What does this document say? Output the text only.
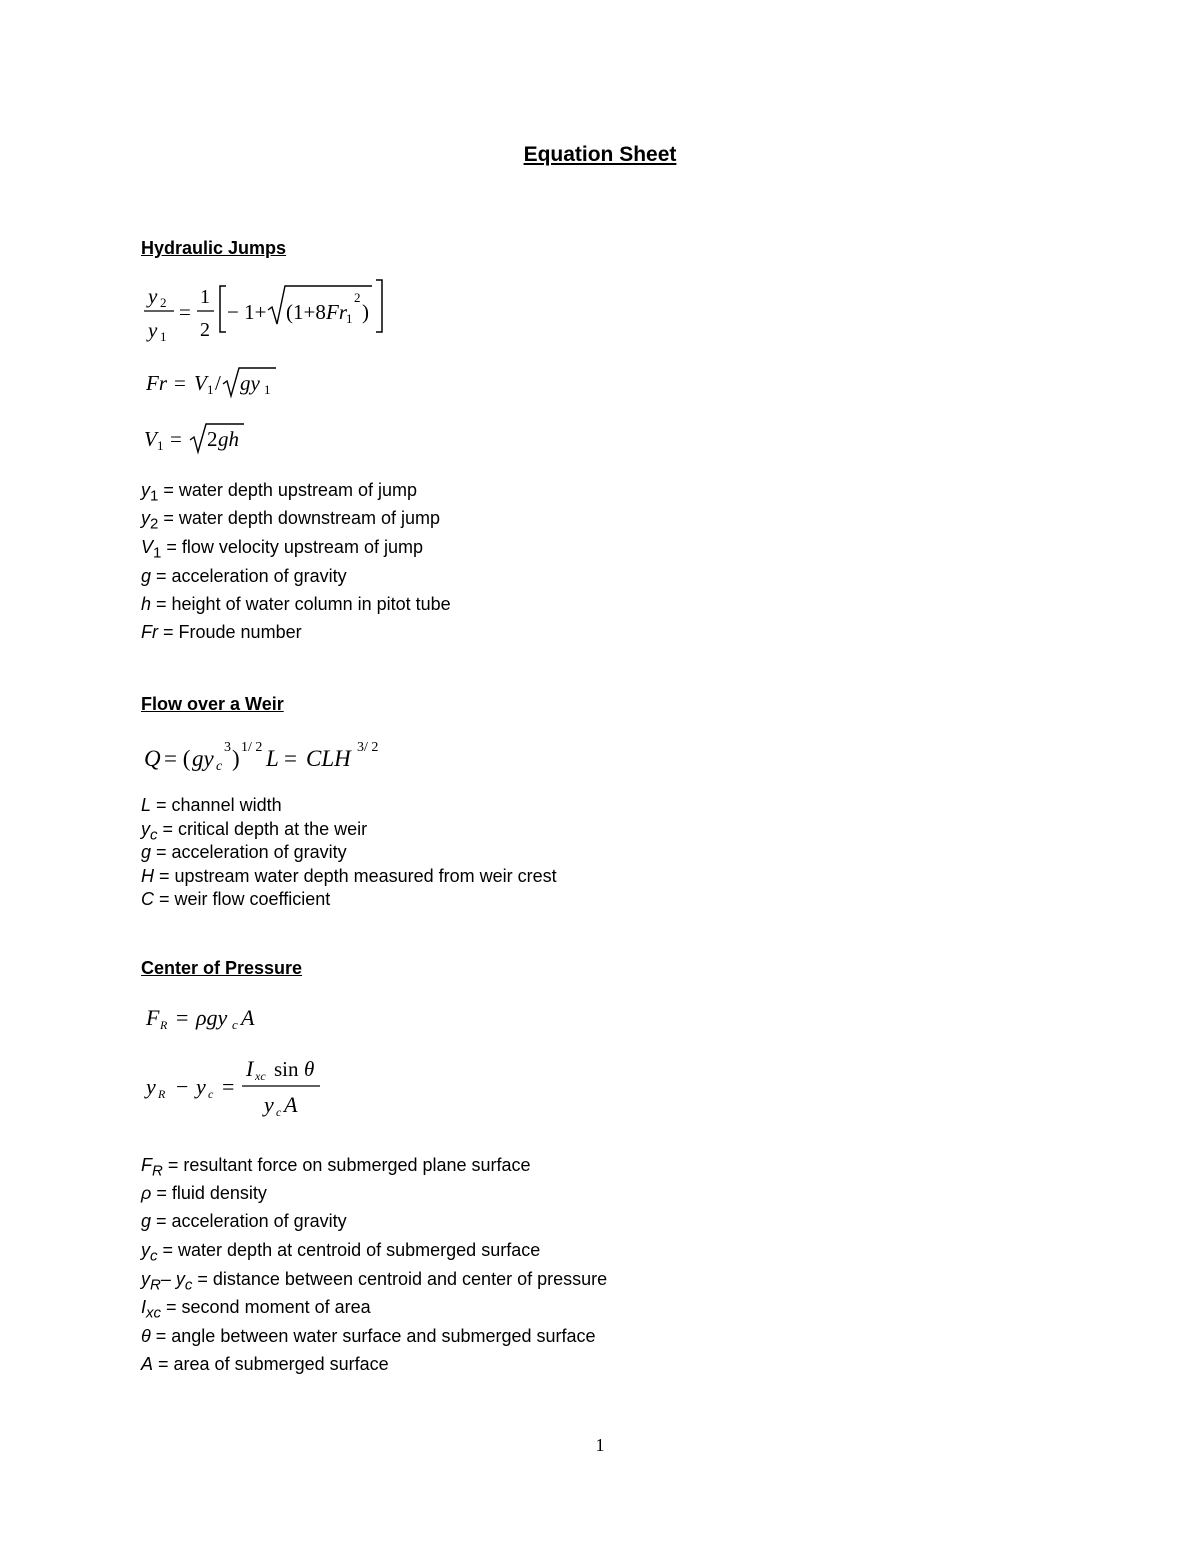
Equation Sheet
Hydraulic Jumps
y 2
y 1
=
1
2
− 1+ (1+8 Fr 1
2
)
Fr = V 1 / gy 1
V 1 = 2 gh
$y_1$ = water depth upstream of jump
$y_2$ = water depth downstream of jump
$V_1$ = flow velocity upstream of jump
g = acceleration of gravity
h = height of water column in pitot tube
Fr = Froude number
Flow over a Weir
Q = ( gy c
3 ) 1/ 2 L = CLH 3/ 2
L = channel width
$y_c$ = critical depth at the weir
g = acceleration of gravity
H = upstream water depth measured from weir crest
C = weir flow coefficient
Center of Pressure
F R = ρgy c A
y R − y c =
I xc sin θ
y c A
$F_R$ = resultant force on submerged plane surface
ρ = fluid density
g = acceleration of gravity
$y_c$ = water depth at centroid of submerged surface
$y_R-$ $y_c$ = distance between centroid and center of pressure
$I_{xc}$ = second moment of area
θ = angle between water surface and submerged surface
A = area of submerged surface
1
